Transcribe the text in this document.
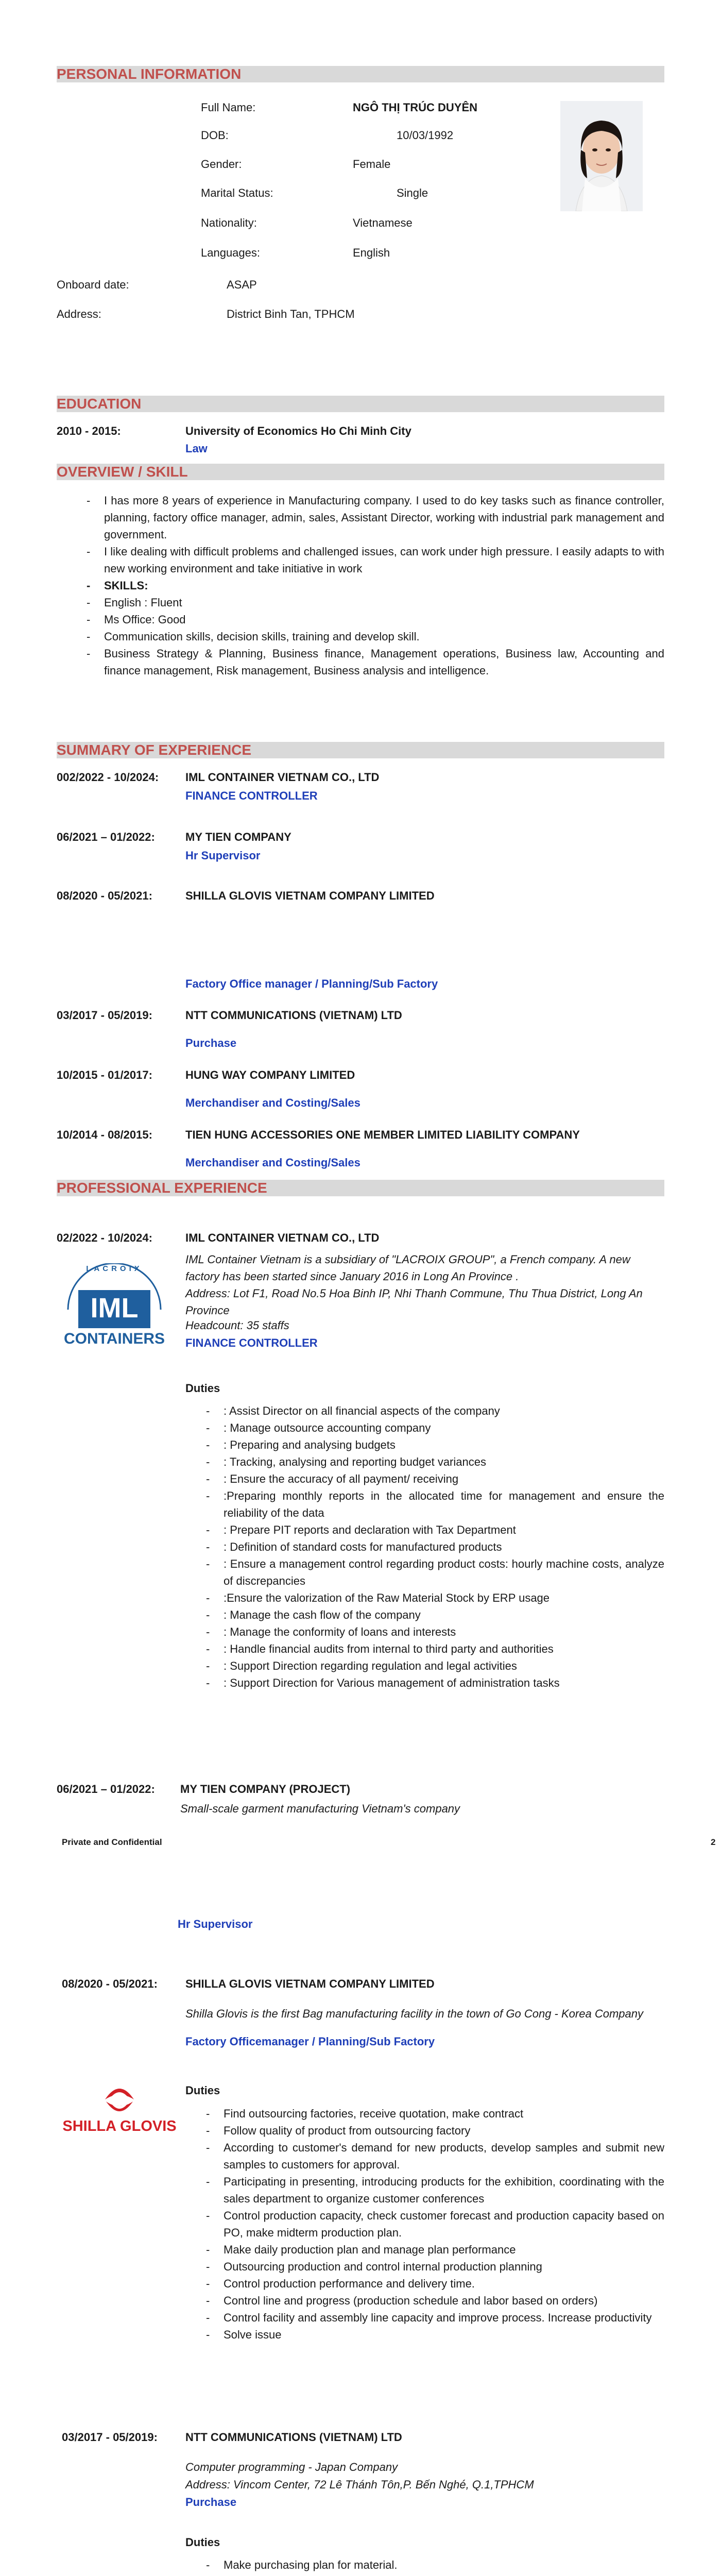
PERSONAL INFORMATION
Full Name:	NGÔ THỊ TRÚC DUYÊN
DOB:	10/03/1992
Gender:	Female
Marital Status:	Single
Nationality:	Vietnamese
Languages:	English
Onboard date:	ASAP
Address:	District Binh Tan, TPHCM
EDUCATION
2010 - 2015:	University of Economics Ho Chi Minh City
Law
OVERVIEW / SKILL
- I has more 8 years of experience in Manufacturing company. I used to do key tasks such as finance controller, planning, factory office manager, admin, sales, Assistant Director, working with industrial park management and government.
- I like dealing with difficult problems and challenged issues, can work under high pressure. I easily adapts to with new working environment and take initiative in work
- SKILLS:
- English : Fluent
- Ms Office: Good
- Communication skills, decision skills, training and develop skill.
- Business Strategy & Planning, Business finance, Management operations, Business law, Accounting and finance management, Risk management, Business analysis and intelligence.
SUMMARY OF EXPERIENCE
002/2022 - 10/2024: IML CONTAINER VIETNAM CO., LTD
FINANCE CONTROLLER
06/2021 – 01/2022:	MY TIEN COMPANY
Hr Supervisor
08/2020 - 05/2021:	SHILLA GLOVIS VIETNAM COMPANY LIMITED
Factory Office manager / Planning/Sub Factory
03/2017 - 05/2019:	NTT COMMUNICATIONS (VIETNAM) LTD
Purchase
10/2015 - 01/2017:	HUNG WAY COMPANY LIMITED
Merchandiser and Costing/Sales
10/2014 - 08/2015:	TIEN HUNG ACCESSORIES ONE MEMBER LIMITED LIABILITY COMPANY
Merchandiser and Costing/Sales
PROFESSIONAL EXPERIENCE
02/2022 - 10/2024:	IML CONTAINER VIETNAM CO., LTD
IML Container Vietnam is a subsidiary of "LACROIX GROUP", a French company. A new factory has been started since January 2016 in Long An Province .
Address: Lot F1, Road No.5 Hoa Binh IP, Nhi Thanh Commune, Thu Thua District, Long An Province
Headcount: 35 staffs
FINANCE CONTROLLER
LACROIX
IML
CONTAINERS
Duties
- : Assist Director on all financial aspects of the company
- : Manage outsource accounting company
- : Preparing and analysing budgets
- : Tracking, analysing and reporting budget variances
- : Ensure the accuracy of all payment/ receiving
- :Preparing monthly reports in the allocated time for management and ensure the reliability of the data
- : Prepare PIT reports and declaration with Tax Department
- : Definition of standard costs for manufactured products
- : Ensure a management control regarding product costs: hourly machine costs, analyze of discrepancies
- :Ensure the valorization of the Raw Material Stock by ERP usage
- : Manage the cash flow of the company
- : Manage the conformity of loans and interests
- : Handle financial audits from internal to third party and authorities
- : Support Direction regarding regulation and legal activities
- : Support Direction for Various management of administration tasks
06/2021 – 01/2022: MY TIEN COMPANY (PROJECT)
Small-scale garment manufacturing Vietnam's company
Private and Confidential	2
Hr Supervisor
08/2020 - 05/2021: SHILLA GLOVIS VIETNAM COMPANY LIMITED
Shilla Glovis is the first Bag manufacturing facility in the town of Go Cong - Korea Company
Factory Officemanager / Planning/Sub Factory
SHILLA GLOVIS
Duties
- Find outsourcing factories, receive quotation, make contract
- Follow quality of product from outsourcing factory
- According to customer's demand for new products, develop samples and submit new samples to customers for approval.
- Participating in presenting, introducing products for the exhibition, coordinating with the sales department to organize customer conferences
- Control production capacity, check customer forecast and production capacity based on PO, make midterm production plan.
- Make daily production plan and manage plan performance
- Outsourcing production and control internal production planning
- Control production performance and delivery time.
- Control line and progress (production schedule and labor based on orders)
- Control facility and assembly line capacity and improve process. Increase productivity
- Solve issue
03/2017 - 05/2019: NTT COMMUNICATIONS (VIETNAM) LTD
Computer programming - Japan Company
Address: Vincom Center, 72 Lê Thánh Tôn,P. Bến Nghé, Q.1,TPHCM
Purchase
Duties
- Make purchasing plan for material.
-
